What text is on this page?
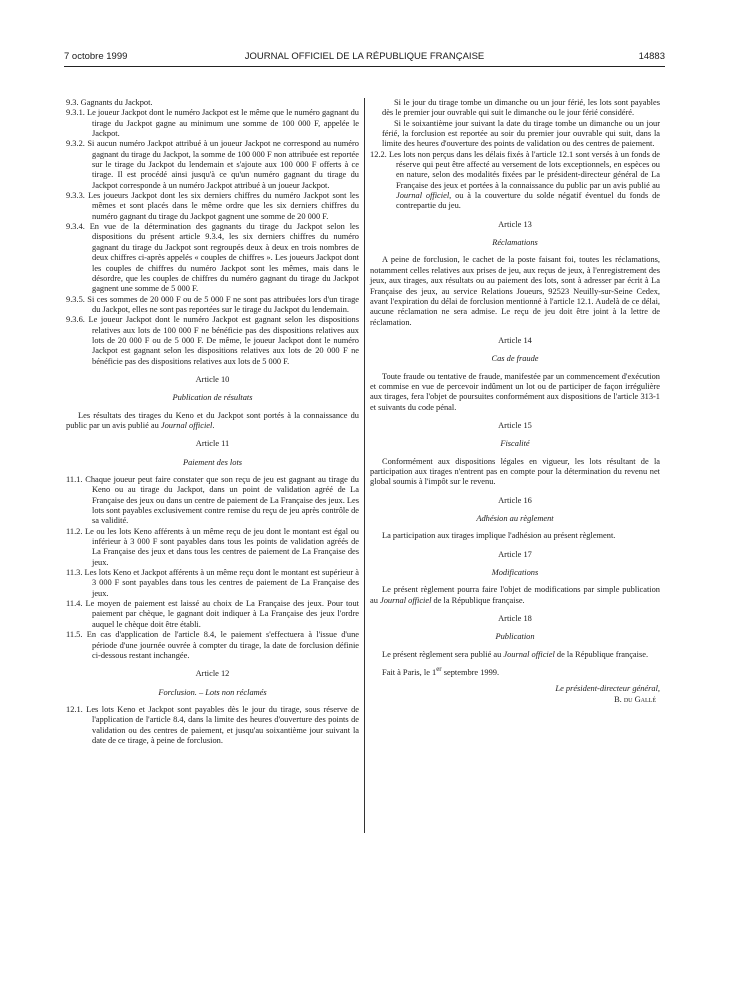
7 octobre 1999	JOURNAL OFFICIEL DE LA RÉPUBLIQUE FRANÇAISE	14883

9.3. Gagnants du Jackpot.

9.3.1. Le joueur Jackpot dont le numéro Jackpot est le même que le numéro gagnant du tirage du Jackpot gagne au minimum une somme de 100 000 F, appelée le Jackpot.

9.3.2. Si aucun numéro Jackpot attribué à un joueur Jackpot ne correspond au numéro gagnant du tirage du Jackpot, la somme de 100 000 F non attribuée est reportée sur le tirage du Jackpot du lendemain et s'ajoute aux 100 000 F offerts à ce tirage. Il est procédé ainsi jusqu'à ce qu'un numéro gagnant du tirage du Jackpot corresponde à un numéro Jackpot attribué à un joueur Jackpot.

9.3.3. Les joueurs Jackpot dont les six derniers chiffres du numéro Jackpot sont les mêmes et sont placés dans le même ordre que les six derniers chiffres du numéro gagnant du tirage du Jackpot gagnent une somme de 20 000 F.

9.3.4. En vue de la détermination des gagnants du tirage du Jackpot selon les dispositions du présent article 9.3.4, les six derniers chiffres du numéro gagnant du tirage du Jackpot sont regroupés deux à deux en trois nombres de deux chiffres ci-après appelés « couples de chiffres ». Les joueurs Jackpot dont les couples de chiffres du numéro Jackpot sont les mêmes, mais dans le désordre, que les couples de chiffres du numéro gagnant du tirage du Jackpot gagnent une somme de 5 000 F.

9.3.5. Si ces sommes de 20 000 F ou de 5 000 F ne sont pas attribuées lors d'un tirage du Jackpot, elles ne sont pas reportées sur le tirage du Jackpot du lendemain.

9.3.6. Le joueur Jackpot dont le numéro Jackpot est gagnant selon les dispositions relatives aux lots de 100 000 F ne bénéficie pas des dispositions relatives aux lots de 20 000 F ou de 5 000 F. De même, le joueur Jackpot dont le numéro Jackpot est gagnant selon les dispositions relatives aux lots de 20 000 F ne bénéficie pas des dispositions relatives aux lots de 5 000 F.

Article 10

Publication de résultats

Les résultats des tirages du Keno et du Jackpot sont portés à la connaissance du public par un avis publié au Journal officiel.

Article 11

Paiement des lots

11.1. Chaque joueur peut faire constater que son reçu de jeu est gagnant au tirage du Keno ou au tirage du Jackpot, dans un point de validation agréé de La Française des jeux ou dans un centre de paiement de La Française des jeux. Les lots sont payables exclusivement contre remise du reçu de jeu après contrôle de sa validité.

11.2. Le ou les lots Keno afférents à un même reçu de jeu dont le montant est égal ou inférieur à 3 000 F sont payables dans tous les points de validation agréés de La Française des jeux et dans tous les centres de paiement de La Française des jeux.

11.3. Les lots Keno et Jackpot afférents à un même reçu dont le montant est supérieur à 3 000 F sont payables dans tous les centres de paiement de La Française des jeux.

11.4. Le moyen de paiement est laissé au choix de La Française des jeux. Pour tout paiement par chèque, le gagnant doit indiquer à La Française des jeux l'ordre auquel le chèque doit être établi.

11.5. En cas d'application de l'article 8.4, le paiement s'effectuera à l'issue d'une période d'une journée ouvrée à compter du tirage, la date de forclusion définie ci-dessous restant inchangée.

Article 12

Forclusion. – Lots non réclamés

12.1. Les lots Keno et Jackpot sont payables dès le jour du tirage, sous réserve de l'application de l'article 8.4, dans la limite des heures d'ouverture des points de validation ou des centres de paiement, et jusqu'au soixantième jour suivant la date de ce tirage, à peine de forclusion.

Si le jour du tirage tombe un dimanche ou un jour férié, les lots sont payables dès le premier jour ouvrable qui suit le dimanche ou le jour férié considéré.

Si le soixantième jour suivant la date du tirage tombe un dimanche ou un jour férié, la forclusion est reportée au soir du premier jour ouvrable qui suit, dans la limite des heures d'ouverture des points de validation ou des centres de paiement.

12.2. Les lots non perçus dans les délais fixés à l'article 12.1 sont versés à un fonds de réserve qui peut être affecté au versement de lots exceptionnels, en espèces ou en nature, selon des modalités fixées par le président-directeur général de La Française des jeux et portées à la connaissance du public par un avis publié au Journal officiel, ou à la couverture du solde négatif éventuel du fonds de contrepartie du jeu.

Article 13

Réclamations

A peine de forclusion, le cachet de la poste faisant foi, toutes les réclamations, notamment celles relatives aux prises de jeu, aux reçus de jeux, à l'enregistrement des jeux, aux tirages, aux résultats ou au paiement des lots, sont à adresser par écrit à La Française des jeux, au service Relations Joueurs, 92523 Neuilly-sur-Seine Cedex, avant l'expiration du délai de forclusion mentionné à l'article 12.1. Audelà de ce délai, aucune réclamation ne sera admise. Le reçu de jeu doit être joint à la lettre de réclamation.

Article 14

Cas de fraude

Toute fraude ou tentative de fraude, manifestée par un commencement d'exécution et commise en vue de percevoir indûment un lot ou de participer de façon irrégulière aux tirages, fera l'objet de poursuites conformément aux dispositions de l'article 313-1 et suivants du code pénal.

Article 15

Fiscalité

Conformément aux dispositions légales en vigueur, les lots résultant de la participation aux tirages n'entrent pas en compte pour la détermination du revenu net global soumis à l'impôt sur le revenu.

Article 16

Adhésion au règlement

La participation aux tirages implique l'adhésion au présent règlement.

Article 17

Modifications

Le présent règlement pourra faire l'objet de modifications par simple publication au Journal officiel de la République française.

Article 18

Publication

Le présent règlement sera publié au Journal officiel de la République française.

Fait à Paris, le 1er septembre 1999.

Le président-directeur général,

B. du Gallé
